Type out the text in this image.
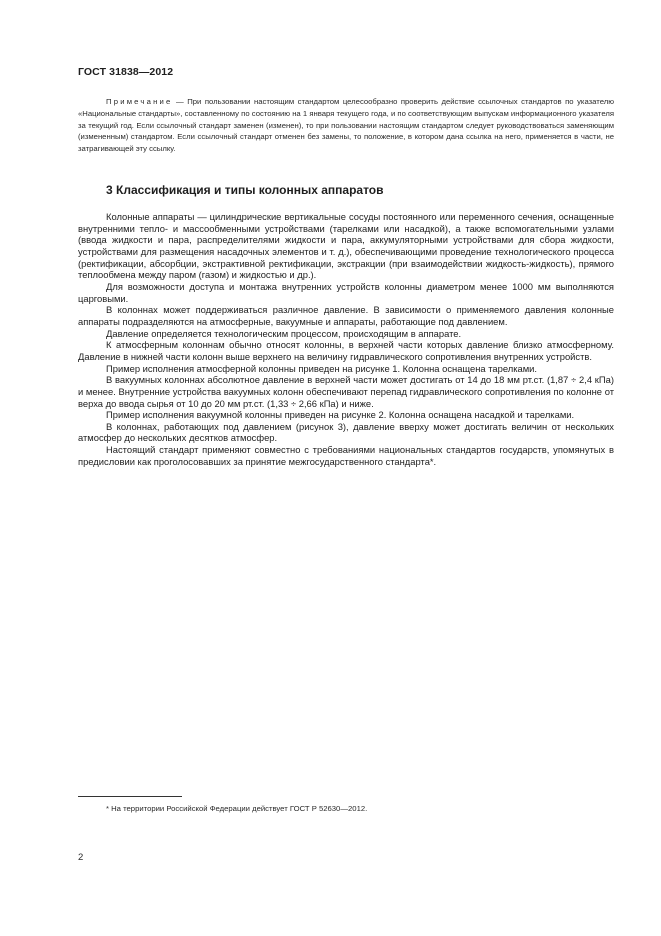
ГОСТ 31838—2012
Примечание — При пользовании настоящим стандартом целесообразно проверить действие ссылочных стандартов по указателю «Национальные стандарты», составленному по состоянию на 1 января текущего года, и по соответствующим выпускам информационного указателя за текущий год. Если ссылочный стандарт заменен (изменен), то при пользовании настоящим стандартом следует руководствоваться заменяющим (измененным) стандартом. Если ссылочный стандарт отменен без замены, то положение, в котором дана ссылка на него, применяется в части, не затрагивающей эту ссылку.
3 Классификация и типы колонных аппаратов

Колонные аппараты — цилиндрические вертикальные сосуды постоянного или переменного сечения, оснащенные внутренними тепло- и массообменными устройствами (тарелками или насадкой), а также вспомогательными узлами (ввода жидкости и пара, распределителями жидкости и пара, аккумуляторными устройствами для сбора жидкости, устройствами для размещения насадочных элементов и т. д.), обеспечивающими проведение технологического процесса (ректификации, абсорбции, экстрактивной ректификации, экстракции (при взаимодействии жидкость-жидкость), прямого теплообмена между паром (газом) и жидкостью и др.).

Для возможности доступа и монтажа внутренних устройств колонны диаметром менее 1000 мм выполняются царговыми.

В колоннах может поддерживаться различное давление. В зависимости о применяемого давления колонные аппараты подразделяются на атмосферные, вакуумные и аппараты, работающие под давлением.

Давление определяется технологическим процессом, происходящим в аппарате.

К атмосферным колоннам обычно относят колонны, в верхней части которых давление близко атмосферному. Давление в нижней части колонн выше верхнего на величину гидравлического сопротивления внутренних устройств.

Пример исполнения атмосферной колонны приведен на рисунке 1. Колонна оснащена тарелками.

В вакуумных колоннах абсолютное давление в верхней части может достигать от 14 до 18 мм рт.ст. (1,87 ÷ 2,4 кПа) и менее. Внутренние устройства вакуумных колонн обеспечивают перепад гидравлического сопротивления по колонне от верха до ввода сырья от 10 до 20 мм рт.ст. (1,33 ÷ 2,66 кПа) и ниже.

Пример исполнения вакуумной колонны приведен на рисунке 2. Колонна оснащена насадкой и тарелками.

В колоннах, работающих под давлением (рисунок 3), давление вверху может достигать величин от нескольких атмосфер до нескольких десятков атмосфер.

Настоящий стандарт применяют совместно с требованиями национальных стандартов государств, упомянутых в предисловии как проголосовавших за принятие межгосударственного стандарта*.

* На территории Российской Федерации действует ГОСТ Р 52630—2012.
2
